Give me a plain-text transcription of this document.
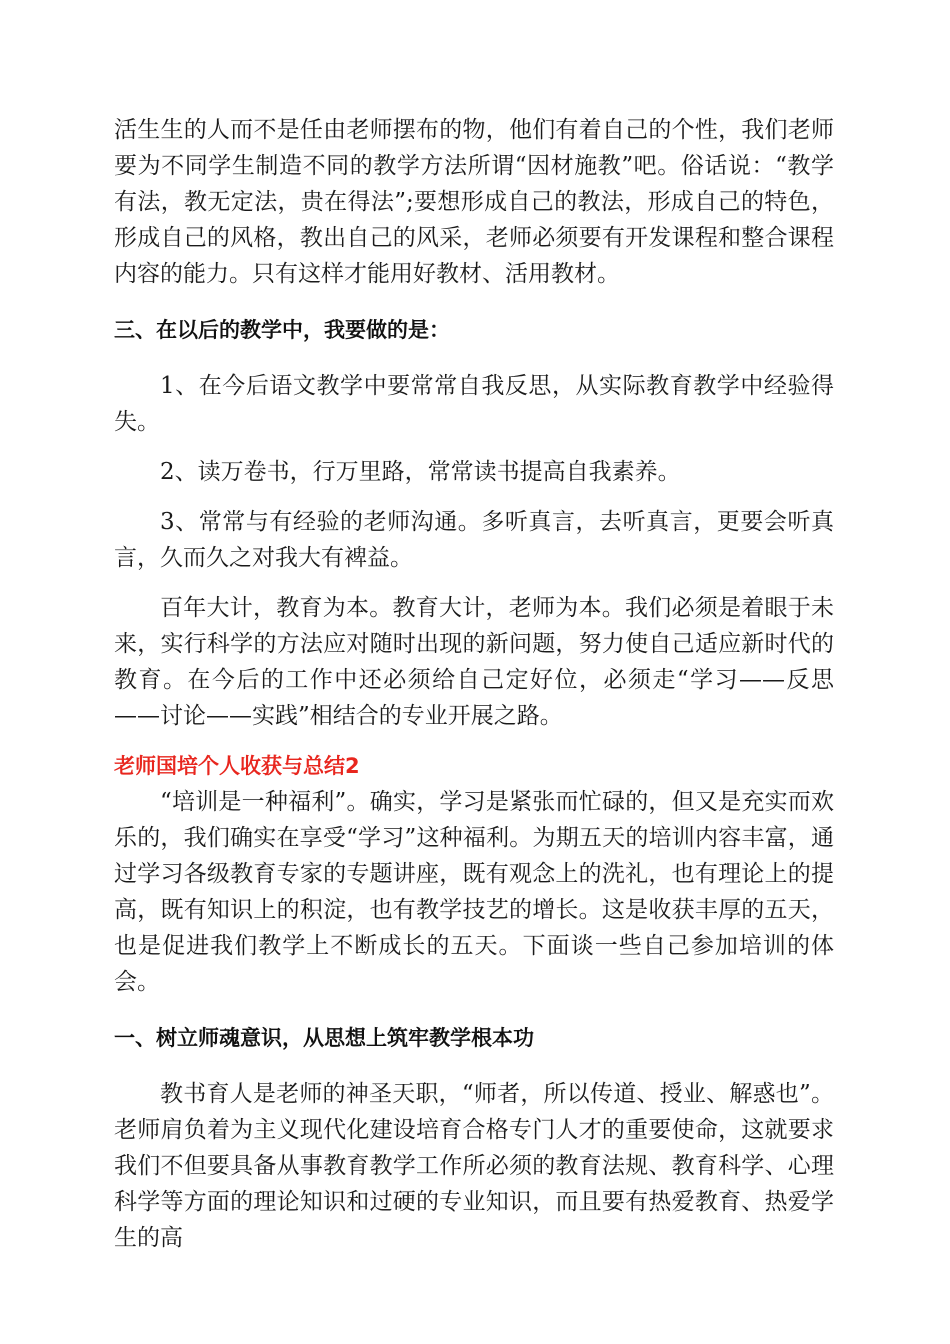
活生生的人而不是任由老师摆布的物，他们有着自己的个性，我们老师要为不同学生制造不同的教学方法所谓“因材施教”吧。俗话说：“教学有法，教无定法，贵在得法”;要想形成自己的教法，形成自己的特色，形成自己的风格，教出自己的风采，老师必须要有开发课程和整合课程内容的能力。只有这样才能用好教材、活用教材。

三、在以后的教学中，我要做的是：

1、在今后语文教学中要常常自我反思，从实际教育教学中经验得失。

2、读万卷书，行万里路，常常读书提高自我素养。

3、常常与有经验的老师沟通。多听真言，去听真言，更要会听真言，久而久之对我大有裨益。

百年大计，教育为本。教育大计，老师为本。我们必须是着眼于未来，实行科学的方法应对随时出现的新问题，努力使自己适应新时代的教育。在今后的工作中还必须给自己定好位，必须走“学习——反思——讨论——实践”相结合的专业开展之路。

老师国培个人收获与总结2

“培训是一种福利”。确实，学习是紧张而忙碌的，但又是充实而欢乐的，我们确实在享受“学习”这种福利。为期五天的培训内容丰富，通过学习各级教育专家的专题讲座，既有观念上的洗礼，也有理论上的提高，既有知识上的积淀，也有教学技艺的增长。这是收获丰厚的五天，也是促进我们教学上不断成长的五天。下面谈一些自己参加培训的体会。

一、树立师魂意识，从思想上筑牢教学根本功

教书育人是老师的神圣天职，“师者，所以传道、授业、解惑也”。老师肩负着为主义现代化建设培育合格专门人才的重要使命，这就要求我们不但要具备从事教育教学工作所必须的教育法规、教育科学、心理科学等方面的理论知识和过硬的专业知识，而且要有热爱教育、热爱学生的高
